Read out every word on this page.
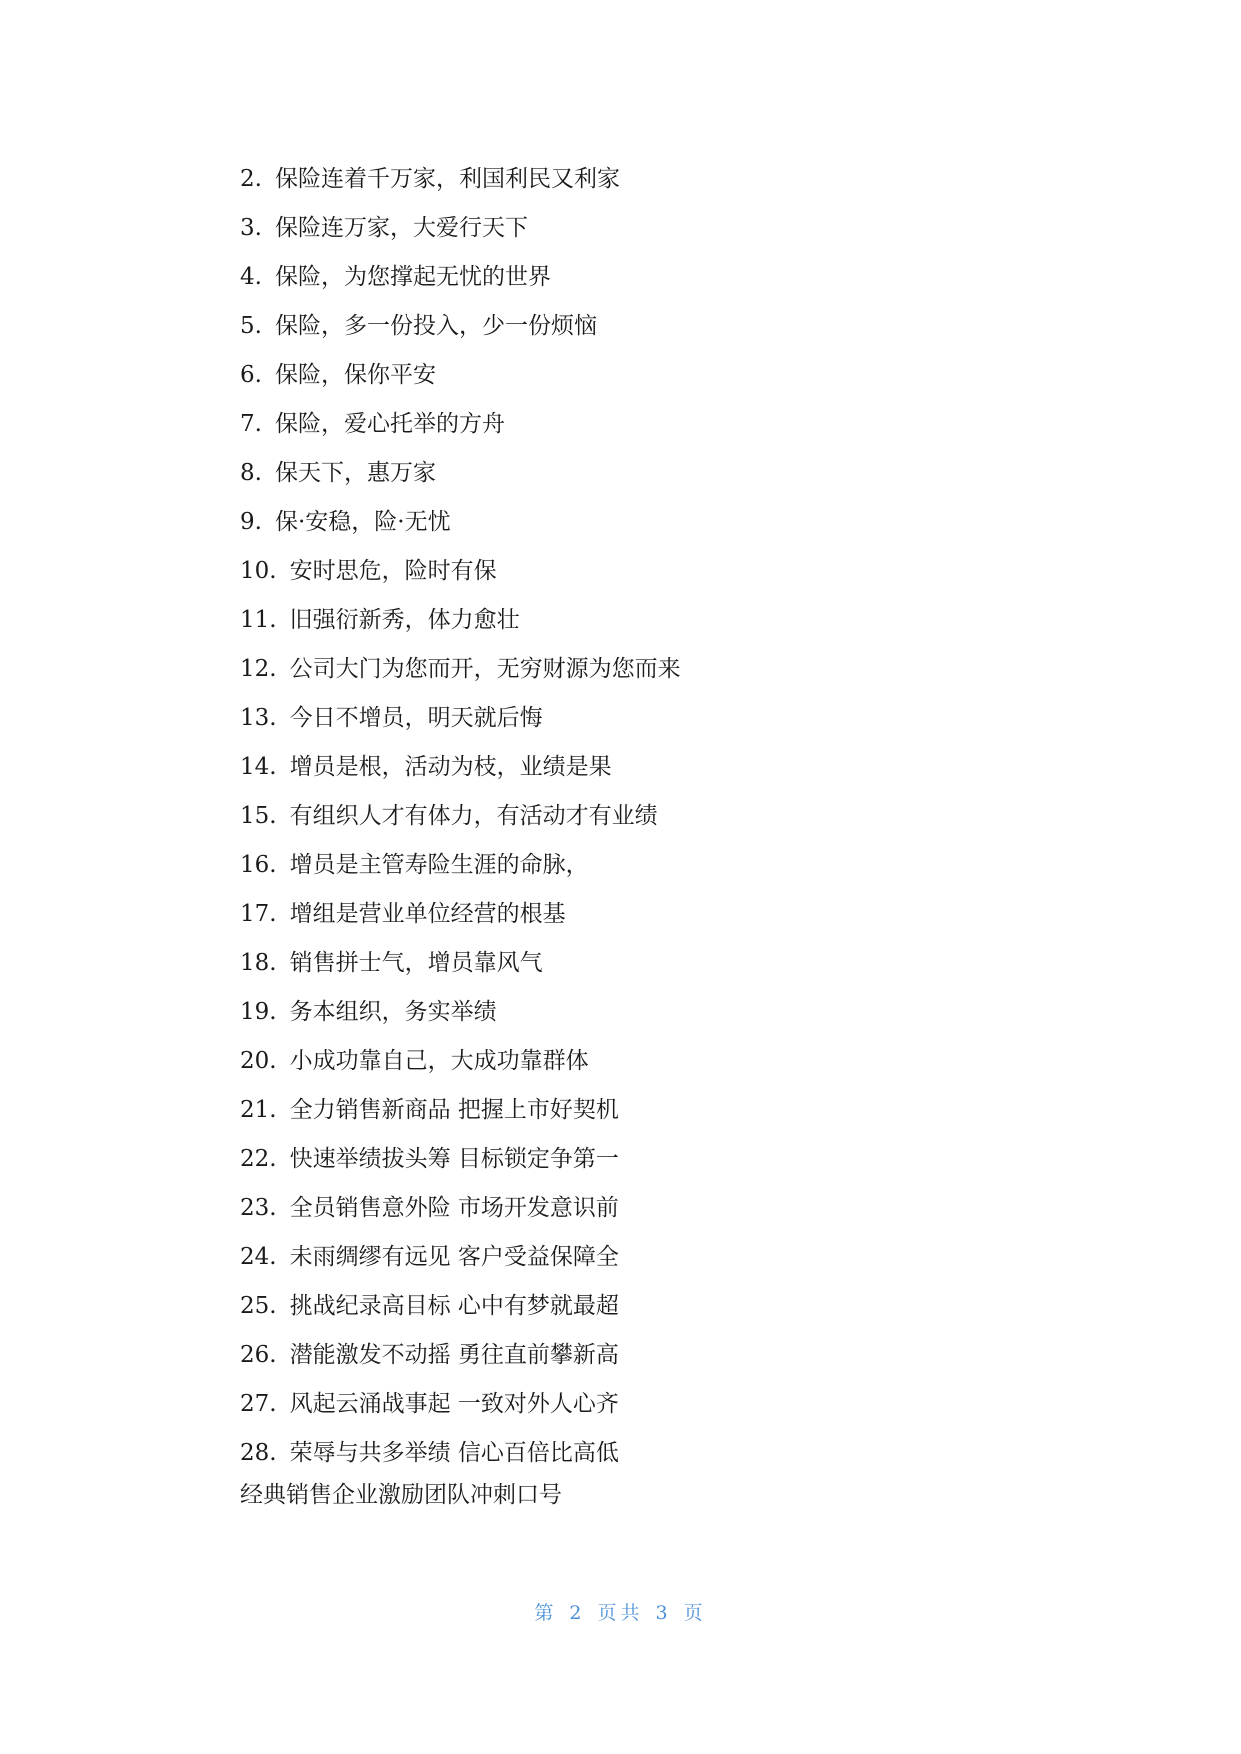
2. 保险连着千万家，利国利民又利家
3. 保险连万家，大爱行天下
4. 保险，为您撑起无忧的世界
5. 保险，多一份投入，少一份烦恼
6. 保险，保你平安
7. 保险，爱心托举的方舟
8. 保天下，惠万家
9. 保·安稳，险·无忧
10. 安时思危，险时有保
11. 旧强衍新秀，体力愈壮
12. 公司大门为您而开，无穷财源为您而来
13. 今日不增员，明天就后悔
14. 增员是根，活动为枝，业绩是果
15. 有组织人才有体力，有活动才有业绩
16. 增员是主管寿险生涯的命脉，
17. 增组是营业单位经营的根基
18. 销售拼士气，增员靠风气
19. 务本组织，务实举绩
20. 小成功靠自己，大成功靠群体
21. 全力销售新商品 把握上市好契机
22. 快速举绩拔头筹 目标锁定争第一
23. 全员销售意外险 市场开发意识前
24. 未雨绸缪有远见 客户受益保障全
25. 挑战纪录高目标 心中有梦就最超
26. 潜能激发不动摇 勇往直前攀新高
27. 风起云涌战事起 一致对外人心齐
28. 荣辱与共多举绩 信心百倍比高低
经典销售企业激励团队冲刺口号
第 2 页共 3 页
